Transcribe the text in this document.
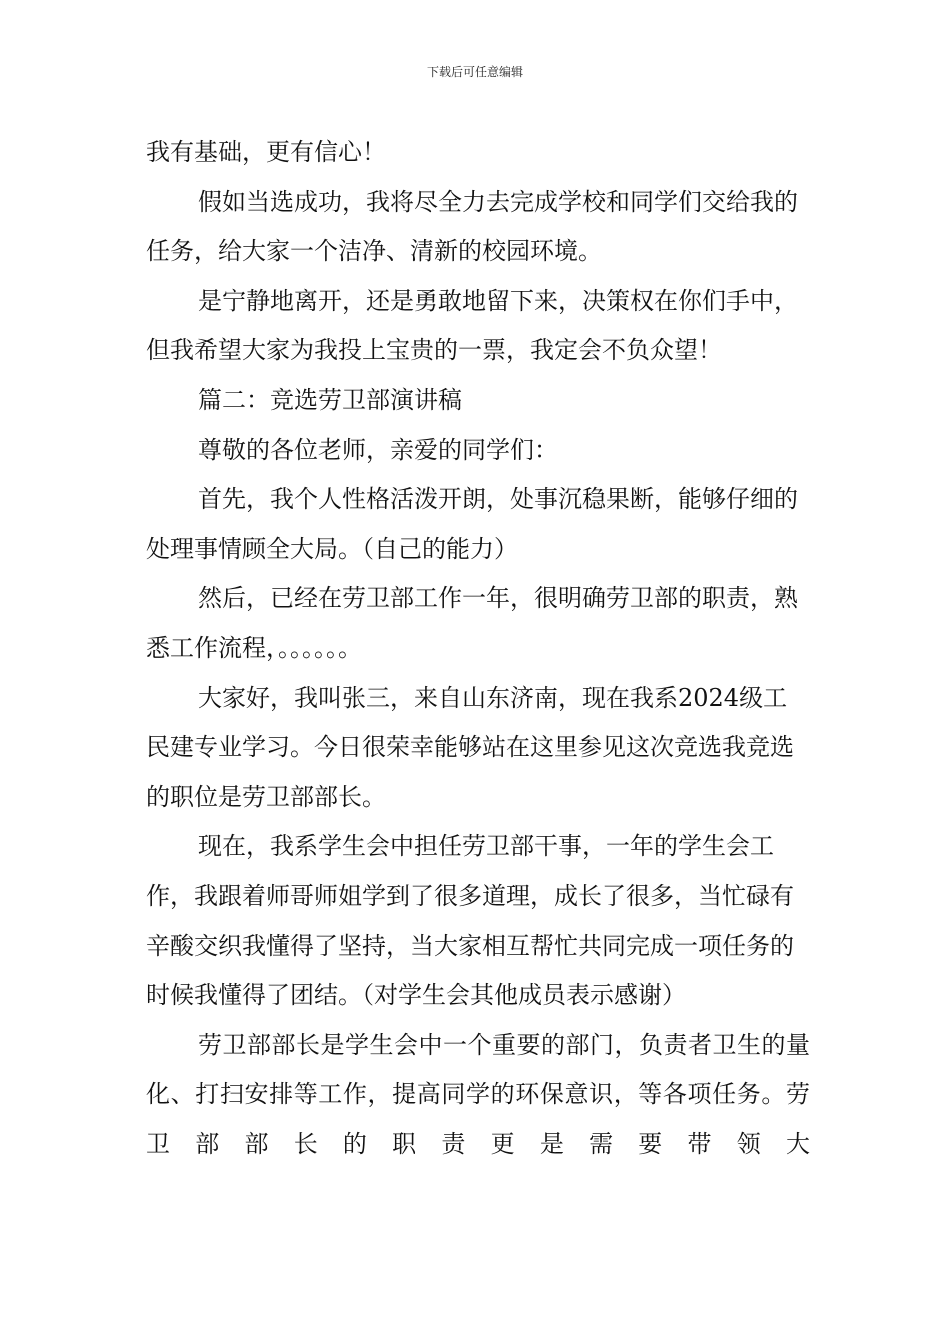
下载后可任意编辑

我有基础，更有信心！

假如当选成功，我将尽全力去完成学校和同学们交给我的任务，给大家一个洁净、清新的校园环境。

是宁静地离开，还是勇敢地留下来，决策权在你们手中，但我希望大家为我投上宝贵的一票，我定会不负众望！

篇二：竞选劳卫部演讲稿

尊敬的各位老师，亲爱的同学们：

首先，我个人性格活泼开朗，处事沉稳果断，能够仔细的处理事情顾全大局。（自己的能力）

然后，已经在劳卫部工作一年，很明确劳卫部的职责，熟悉工作流程，。。。。。。

大家好，我叫张三，来自山东济南，现在我系2024级工民建专业学习。今日很荣幸能够站在这里参见这次竞选我竞选的职位是劳卫部部长。

现在，我系学生会中担任劳卫部干事，一年的学生会工作，我跟着师哥师姐学到了很多道理，成长了很多，当忙碌有辛酸交织我懂得了坚持，当大家相互帮忙共同完成一项任务的时候我懂得了团结。（对学生会其他成员表示感谢）

劳卫部部长是学生会中一个重要的部门，负责者卫生的量化、打扫安排等工作，提高同学的环保意识，等各项任务。劳卫部部长的职责更是需要带领大
